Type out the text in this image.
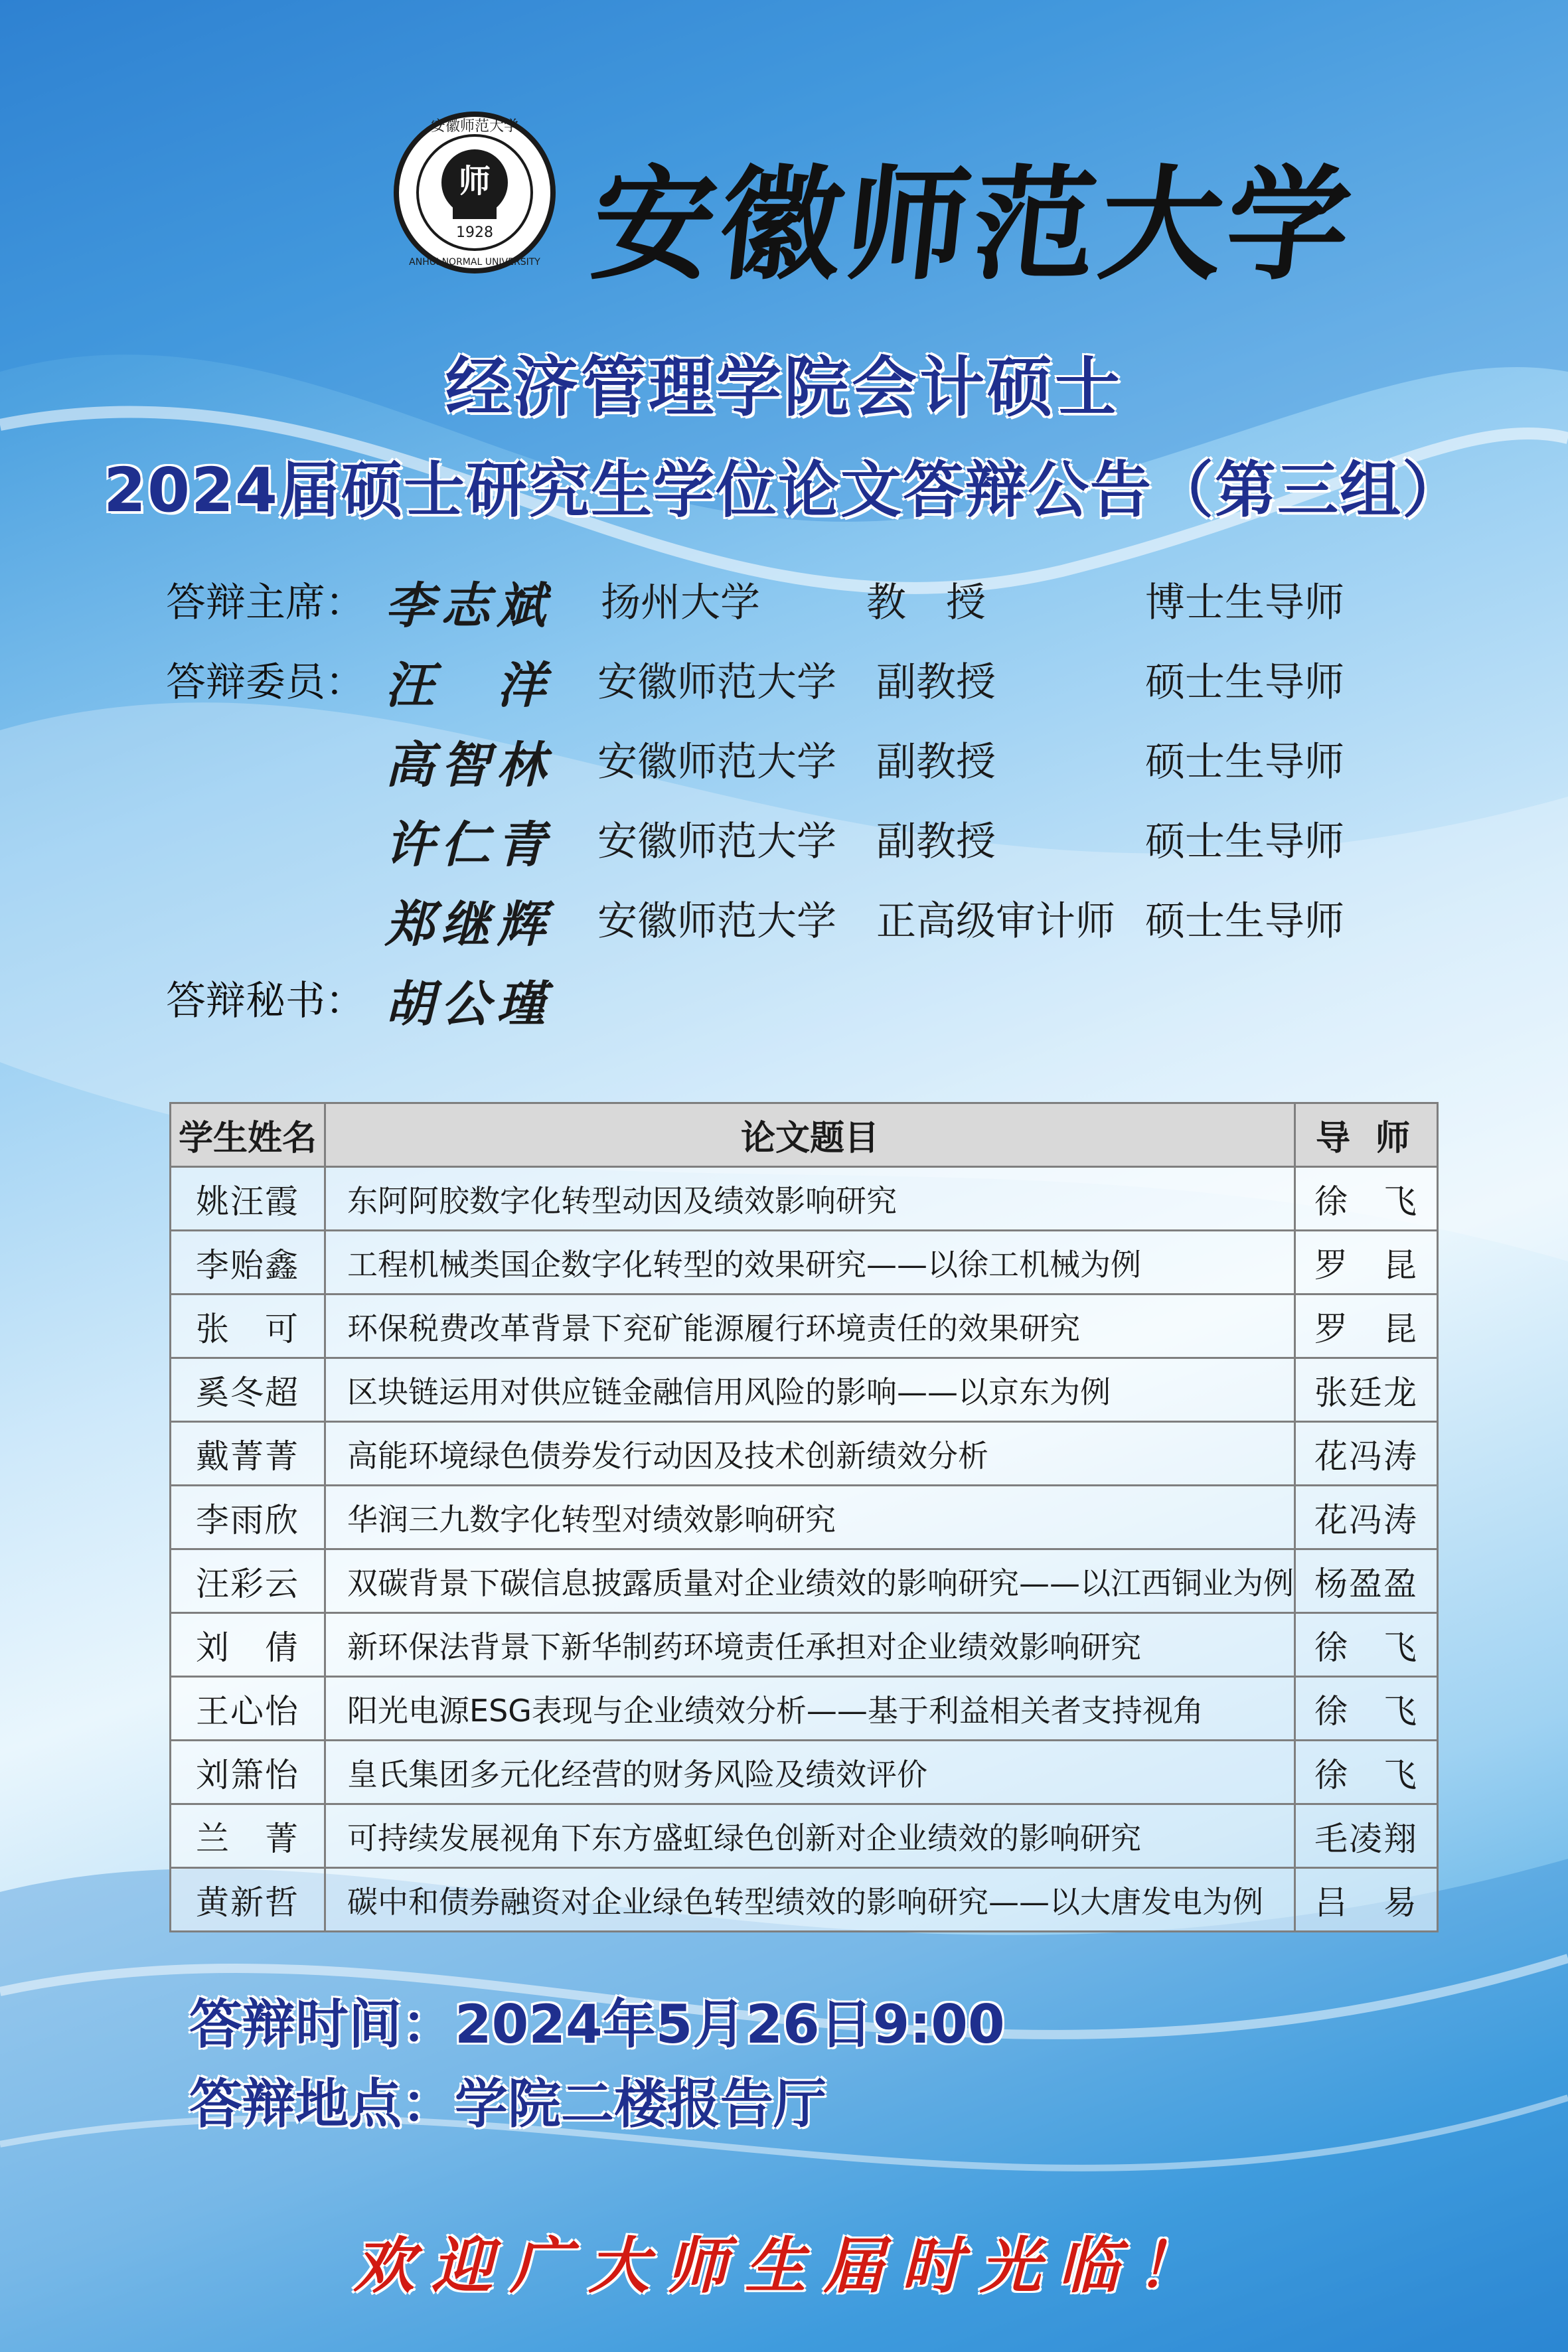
师
1928
安徽师范大学
ANHUI NORMAL UNIVERSITY 安徽师范大学
经济管理学院会计硕士
2024届硕士研究生学位论文答辩公告（第三组）
答辩主席： 李志斌 扬州大学	教　授	博士生导师
答辩委员： 汪　洋 安徽师范大学 副教授	硕士生导师
高智林 安徽师范大学 副教授	硕士生导师
许仁青 安徽师范大学 副教授	硕士生导师
郑继辉 安徽师范大学 正高级审计师 硕士生导师
答辩秘书： 胡公瑾
学生姓名	论文题目	导 师
姚汪霞	东阿阿胶数字化转型动因及绩效影响研究	徐　飞
李贻鑫	工程机械类国企数字化转型的效果研究——以徐工机械为例	罗　昆
张　可	环保税费改革背景下兖矿能源履行环境责任的效果研究	罗　昆
奚冬超	区块链运用对供应链金融信用风险的影响——以京东为例	张廷龙
戴菁菁	高能环境绿色债券发行动因及技术创新绩效分析	花冯涛
李雨欣	华润三九数字化转型对绩效影响研究	花冯涛
汪彩云	双碳背景下碳信息披露质量对企业绩效的影响研究——以江西铜业为例	杨盈盈
刘　倩	新环保法背景下新华制药环境责任承担对企业绩效影响研究	徐　飞
王心怡	阳光电源ESG表现与企业绩效分析——基于利益相关者支持视角	徐　飞
刘箫怡	皇氏集团多元化经营的财务风险及绩效评价	徐　飞
兰　菁	可持续发展视角下东方盛虹绿色创新对企业绩效的影响研究	毛凌翔
黄新哲	碳中和债券融资对企业绿色转型绩效的影响研究——以大唐发电为例	吕　易
答辩时间：2024年5月26日9:00
答辩地点：学院二楼报告厅
欢迎广大师生届时光临！
